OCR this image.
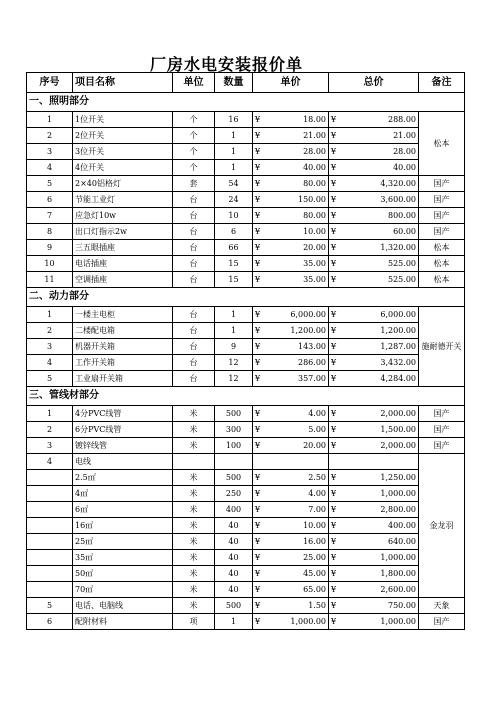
厂房水电安装报价单
序号	项目名称	单位	数量	单价	总价	备注
一、照明部分						
1	1位开关	个	16	¥ 18.00	¥ 288.00	松本
2	2位开关	个	1	¥ 21.00	¥ 21.00	

3	3位开关	个	1	¥ 28.00	¥ 28.00	

4	4位开关	个	1	¥ 40.00	¥ 40.00	

5	2×40铝格灯	套	54	¥ 80.00	¥ 4,320.00	国产
6	节能工业灯	台	24	¥ 150.00	¥ 3,600.00	国产
7	应急灯10w	台	10	¥ 80.00	¥ 800.00	国产
8	出口灯指示2w	台	6	¥ 10.00	¥ 60.00	国产
9	三五眼插座	台	66	¥ 20.00	¥ 1,320.00	松本
10	电话插座	台	15	¥ 35.00	¥ 525.00	松本
11	空调插座	台	15	¥ 35.00	¥ 525.00	松本
二、动力部分						
1	一楼主电柜	台	1	¥ 6,000.00	¥ 6,000.00	施耐德开关
2	二楼配电箱	台	1	¥ 1,200.00	¥ 1,200.00	

3	机器开关箱	台	9	¥ 143.00	¥ 1,287.00	

4	工作开关箱	台	12	¥ 286.00	¥ 3,432.00	

5	工业扇开关箱	台	12	¥ 357.00	¥ 4,284.00	

三、管线材部分						
1	4分PVC线管	米	500	¥ 4.00	¥ 2,000.00	国产
2	6分PVC线管	米	300	¥ 5.00	¥ 1,500.00	国产
3	镀锌线管	米	100	¥ 20.00	¥ 2,000.00	国产
4	电线					金龙羽
	2.5㎡	米	500	¥ 2.50	¥ 1,250.00	

	4㎡	米	250	¥ 4.00	¥ 1,000.00	

	6㎡	米	400	¥ 7.00	¥ 2,800.00	

	16㎡	米	40	¥ 10.00	¥ 400.00	

	25㎡	米	40	¥ 16.00	¥ 640.00	

	35㎡	米	40	¥ 25.00	¥ 1,000.00	

	50㎡	米	40	¥ 45.00	¥ 1,800.00	

	70㎡	米	40	¥ 65.00	¥ 2,600.00	

5	电话、电脑线	米	500	¥ 1.50	¥ 750.00	天象
6	配附材料	项	1	¥ 1,000.00	¥ 1,000.00	国产
